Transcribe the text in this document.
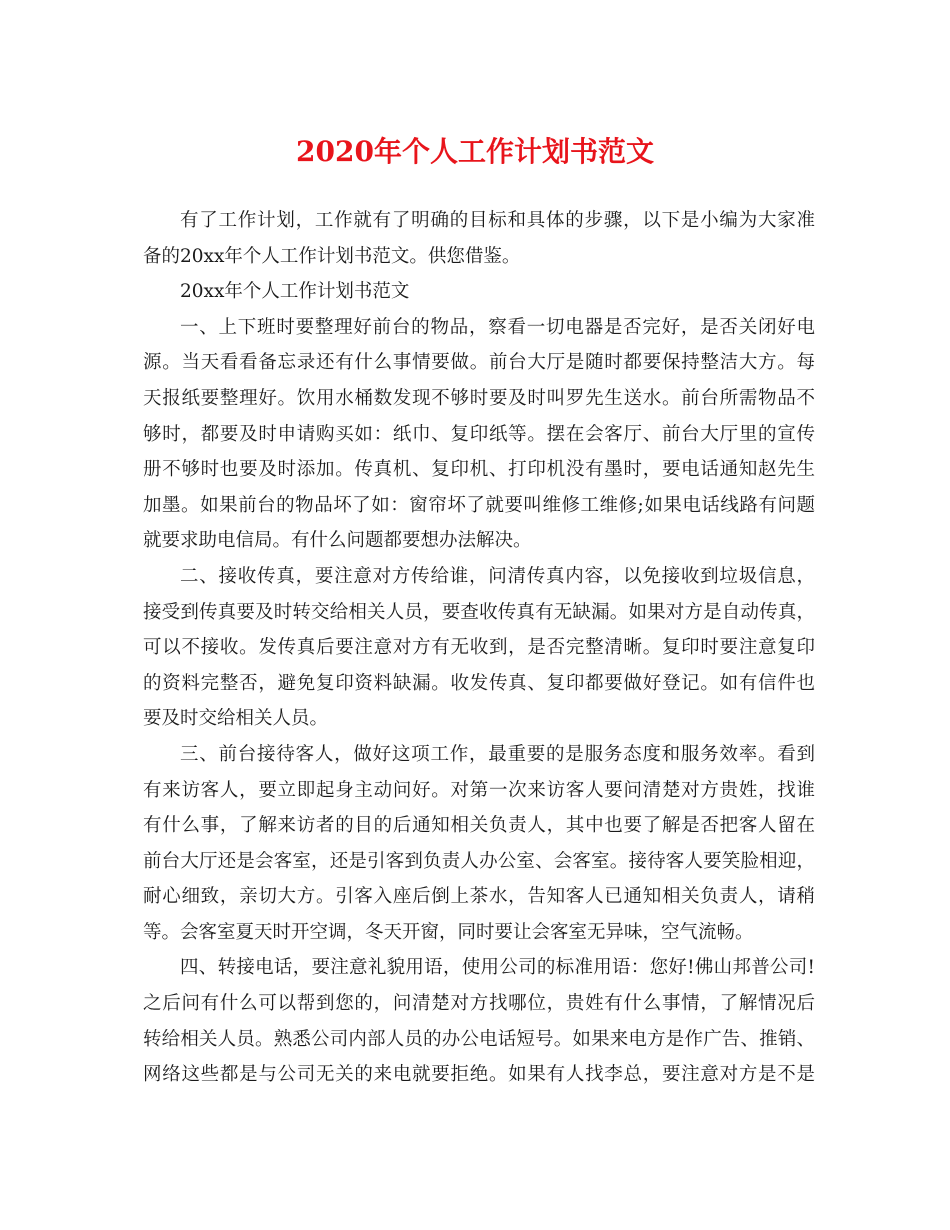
2020年个人工作计划书范文
有了工作计划，工作就有了明确的目标和具体的步骤，以下是小编为大家准
备的20xx年个人工作计划书范文。供您借鉴。
20xx年个人工作计划书范文
一、上下班时要整理好前台的物品，察看一切电器是否完好，是否关闭好电
源。当天看看备忘录还有什么事情要做。前台大厅是随时都要保持整洁大方。每
天报纸要整理好。饮用水桶数发现不够时要及时叫罗先生送水。前台所需物品不
够时，都要及时申请购买如：纸巾、复印纸等。摆在会客厅、前台大厅里的宣传
册不够时也要及时添加。传真机、复印机、打印机没有墨时，要电话通知赵先生
加墨。如果前台的物品坏了如：窗帘坏了就要叫维修工维修;如果电话线路有问题
就要求助电信局。有什么问题都要想办法解决。
二、接收传真，要注意对方传给谁，问清传真内容，以免接收到垃圾信息，
接受到传真要及时转交给相关人员，要查收传真有无缺漏。如果对方是自动传真，
可以不接收。发传真后要注意对方有无收到，是否完整清晰。复印时要注意复印
的资料完整否，避免复印资料缺漏。收发传真、复印都要做好登记。如有信件也
要及时交给相关人员。
三、前台接待客人，做好这项工作，最重要的是服务态度和服务效率。看到
有来访客人，要立即起身主动问好。对第一次来访客人要问清楚对方贵姓，找谁
有什么事，了解来访者的目的后通知相关负责人，其中也要了解是否把客人留在
前台大厅还是会客室，还是引客到负责人办公室、会客室。接待客人要笑脸相迎，
耐心细致，亲切大方。引客入座后倒上茶水，告知客人已通知相关负责人，请稍
等。会客室夏天时开空调，冬天开窗，同时要让会客室无异味，空气流畅。
四、转接电话，要注意礼貌用语，使用公司的标准用语：您好!佛山邦普公司!
之后问有什么可以帮到您的，问清楚对方找哪位，贵姓有什么事情，了解情况后
转给相关人员。熟悉公司内部人员的办公电话短号。如果来电方是作广告、推销、
网络这些都是与公司无关的来电就要拒绝。如果有人找李总，要注意对方是不是
